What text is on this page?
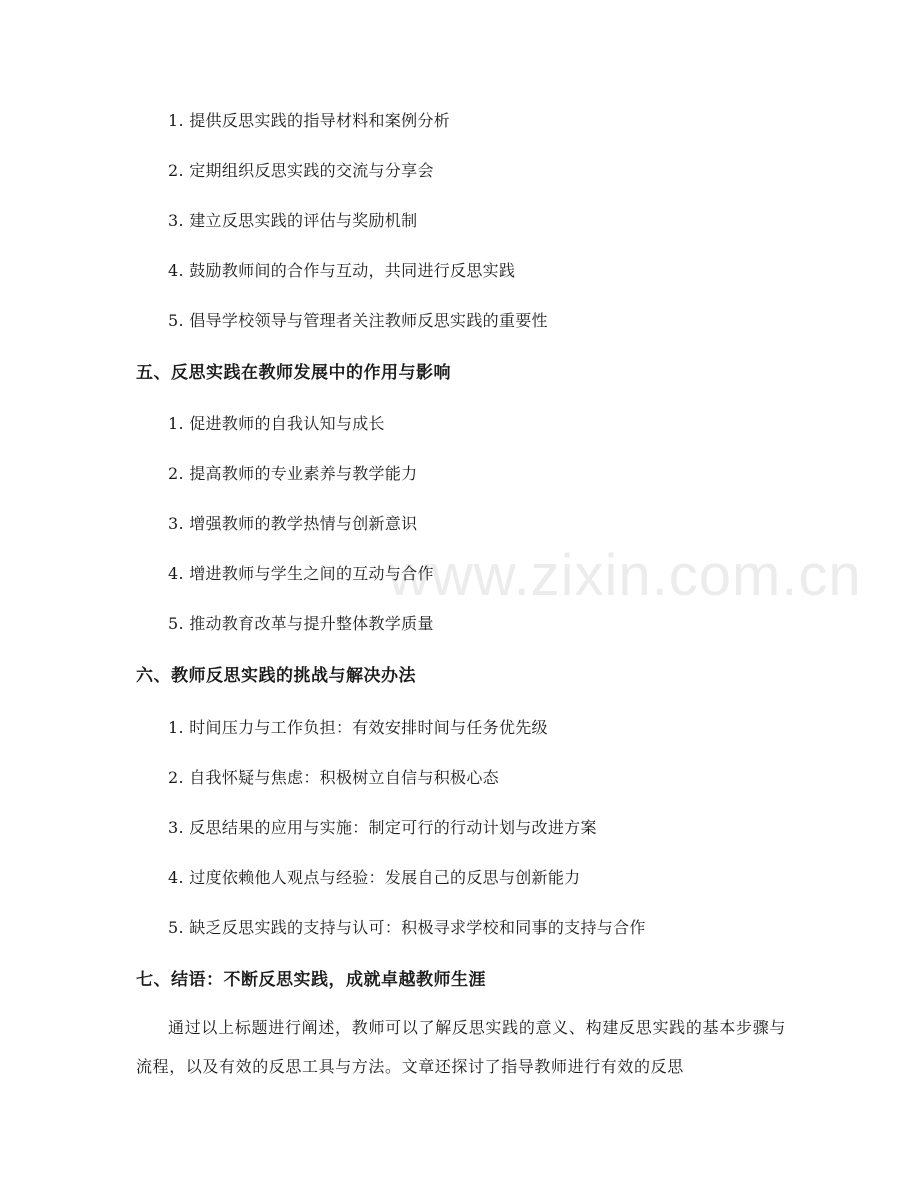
www.zixin.com.cn
1. 提供反思实践的指导材料和案例分析
2. 定期组织反思实践的交流与分享会
3. 建立反思实践的评估与奖励机制
4. 鼓励教师间的合作与互动，共同进行反思实践
5. 倡导学校领导与管理者关注教师反思实践的重要性
五、反思实践在教师发展中的作用与影响
1. 促进教师的自我认知与成长
2. 提高教师的专业素养与教学能力
3. 增强教师的教学热情与创新意识
4. 增进教师与学生之间的互动与合作
5. 推动教育改革与提升整体教学质量
六、教师反思实践的挑战与解决办法
1. 时间压力与工作负担：有效安排时间与任务优先级
2. 自我怀疑与焦虑：积极树立自信与积极心态
3. 反思结果的应用与实施：制定可行的行动计划与改进方案
4. 过度依赖他人观点与经验：发展自己的反思与创新能力
5. 缺乏反思实践的支持与认可：积极寻求学校和同事的支持与合作
七、结语：不断反思实践，成就卓越教师生涯
通过以上标题进行阐述，教师可以了解反思实践的意义、构建反思实践的基本步骤与流程，以及有效的反思工具与方法。文章还探讨了指导教师进行有效的反思
